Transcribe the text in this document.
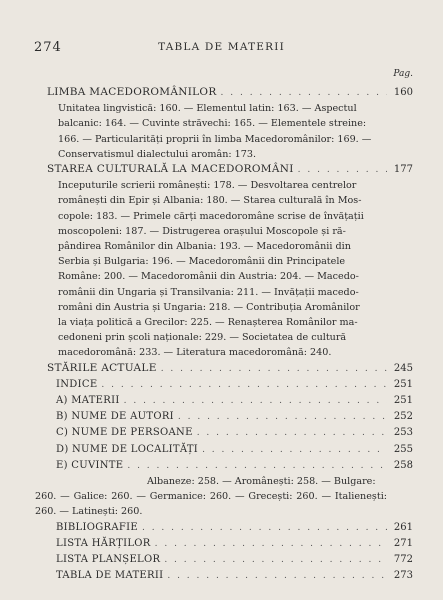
274	TABLA DE MATERII
Pag.
LIMBA MACEDOROMÂNILOR . . .	160

Unitatea lingvistică: 160. — Elementul latin: 163. — Aspectul
balcanic: 164. — Cuvinte străvechi: 165. — Elementele streine:
166. — Particularități proprii în limba Macedoromânilor: 169. —
Conservatismul dialectului aromân: 173.

STAREA CULTURALĂ LA MACEDOROMÂNI . . .	177

Inceputurile scrierii românești: 178. — Desvoltarea centrelor
românești din Epir și Albania: 180. — Starea culturală în Mos-
copole: 183. — Primele cărți macedoromâne scrise de învățații
moscopoleni: 187. — Distrugerea orașului Moscopole și ră-
pândirea Românilor din Albania: 193. — Macedoromânii din
Serbia și Bulgaria: 196. — Macedoromânii din Principatele
Române: 200. — Macedoromânii din Austria: 204. — Macedo-
românii din Ungaria și Transilvania: 211. — Invățații macedo-
români din Austria și Ungaria: 218. — Contribuția Aromânilor
la viața politică a Grecilor: 225. — Renașterea Românilor ma-
cedoneni prin școli naționale: 229. — Societatea de cultură
macedoromână: 233. — Literatura macedoromână: 240.

STĂRILE ACTUALE . . .	245
INDICE . . .	251
A) MATERII . . .	251
B) NUME DE AUTORI . . .	252
C) NUME DE PERSOANE . . .	253
D) NUME DE LOCALITĂȚI . . .	255
E) CUVINTE . . .	258

Albaneze: 258. — Aromânești: 258. — Bulgare:
260. — Galice: 260. — Germanice: 260. — Grecești: 260. — Italienești: 260. — Latinești: 260.

BIBLIOGRAFIE . . .	261
LISTA HĂRȚILOR . . .	271
LISTA PLANȘELOR . . .	772
TABLA DE MATERII . . .	273
